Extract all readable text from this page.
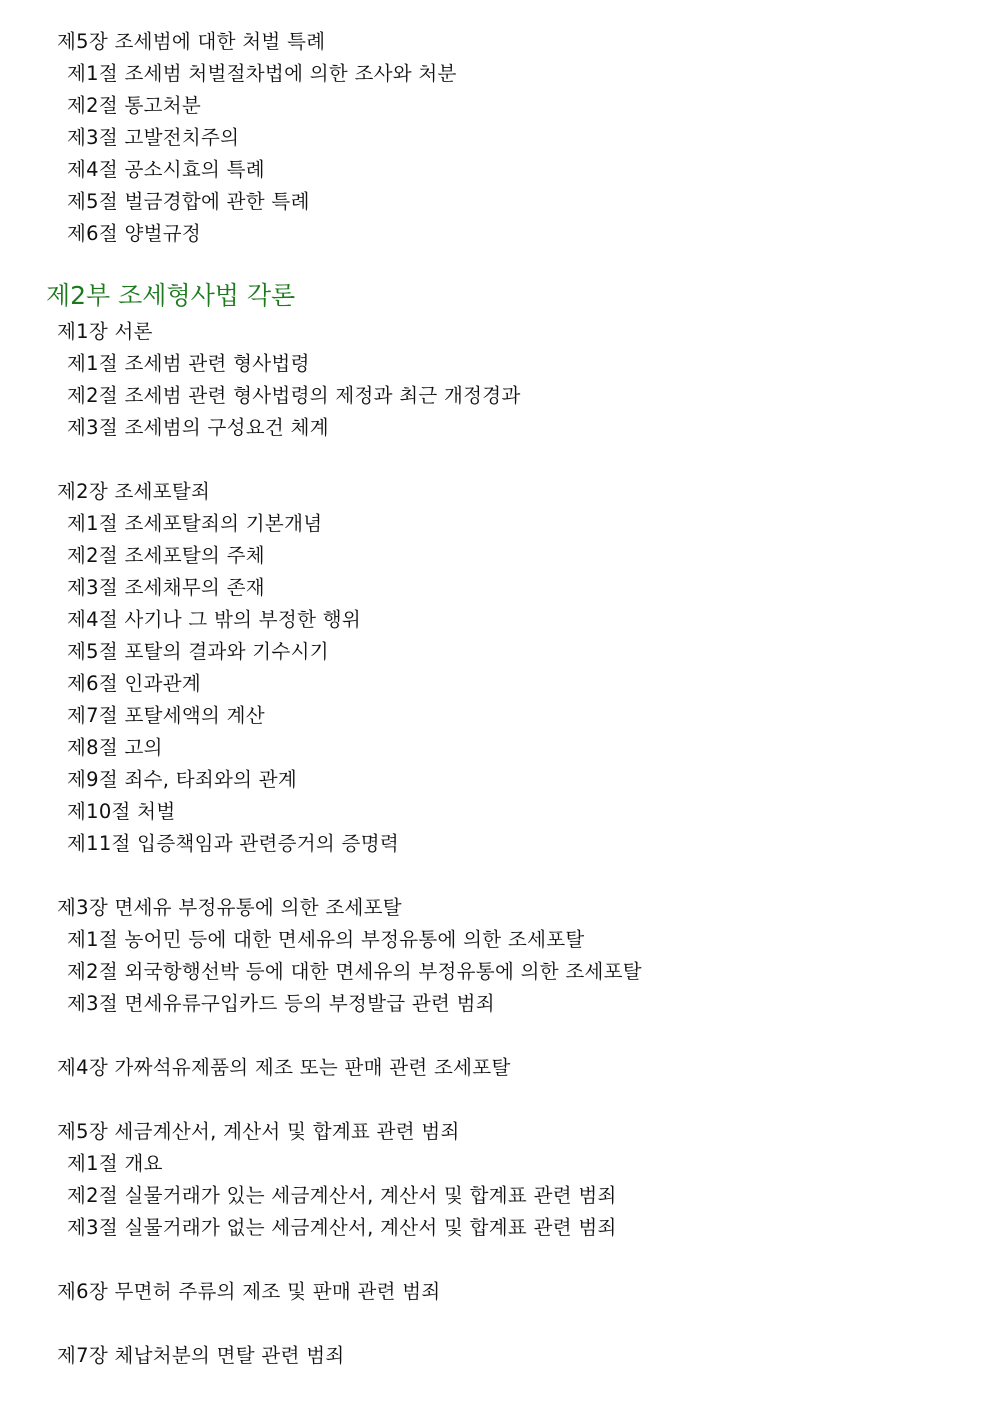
제5장 조세범에 대한 처벌 특례
제1절 조세범 처벌절차법에 의한 조사와 처분
제2절 통고처분
제3절 고발전치주의
제4절 공소시효의 특례
제5절 벌금경합에 관한 특례
제6절 양벌규정
제2부 조세형사법 각론
제1장 서론
제1절 조세범 관련 형사법령
제2절 조세범 관련 형사법령의 제정과 최근 개정경과
제3절 조세범의 구성요건 체계
제2장 조세포탈죄
제1절 조세포탈죄의 기본개념
제2절 조세포탈의 주체
제3절 조세채무의 존재
제4절 사기나 그 밖의 부정한 행위
제5절 포탈의 결과와 기수시기
제6절 인과관계
제7절 포탈세액의 계산
제8절 고의
제9절 죄수, 타죄와의 관계
제10절 처벌
제11절 입증책임과 관련증거의 증명력
제3장 면세유 부정유통에 의한 조세포탈
제1절 농어민 등에 대한 면세유의 부정유통에 의한 조세포탈
제2절 외국항행선박 등에 대한 면세유의 부정유통에 의한 조세포탈
제3절 면세유류구입카드 등의 부정발급 관련 범죄
제4장 가짜석유제품의 제조 또는 판매 관련 조세포탈
제5장 세금계산서, 계산서 및 합계표 관련 범죄
제1절 개요
제2절 실물거래가 있는 세금계산서, 계산서 및 합계표 관련 범죄
제3절 실물거래가 없는 세금계산서, 계산서 및 합계표 관련 범죄
제6장 무면허 주류의 제조 및 판매 관련 범죄
제7장 체납처분의 면탈 관련 범죄
